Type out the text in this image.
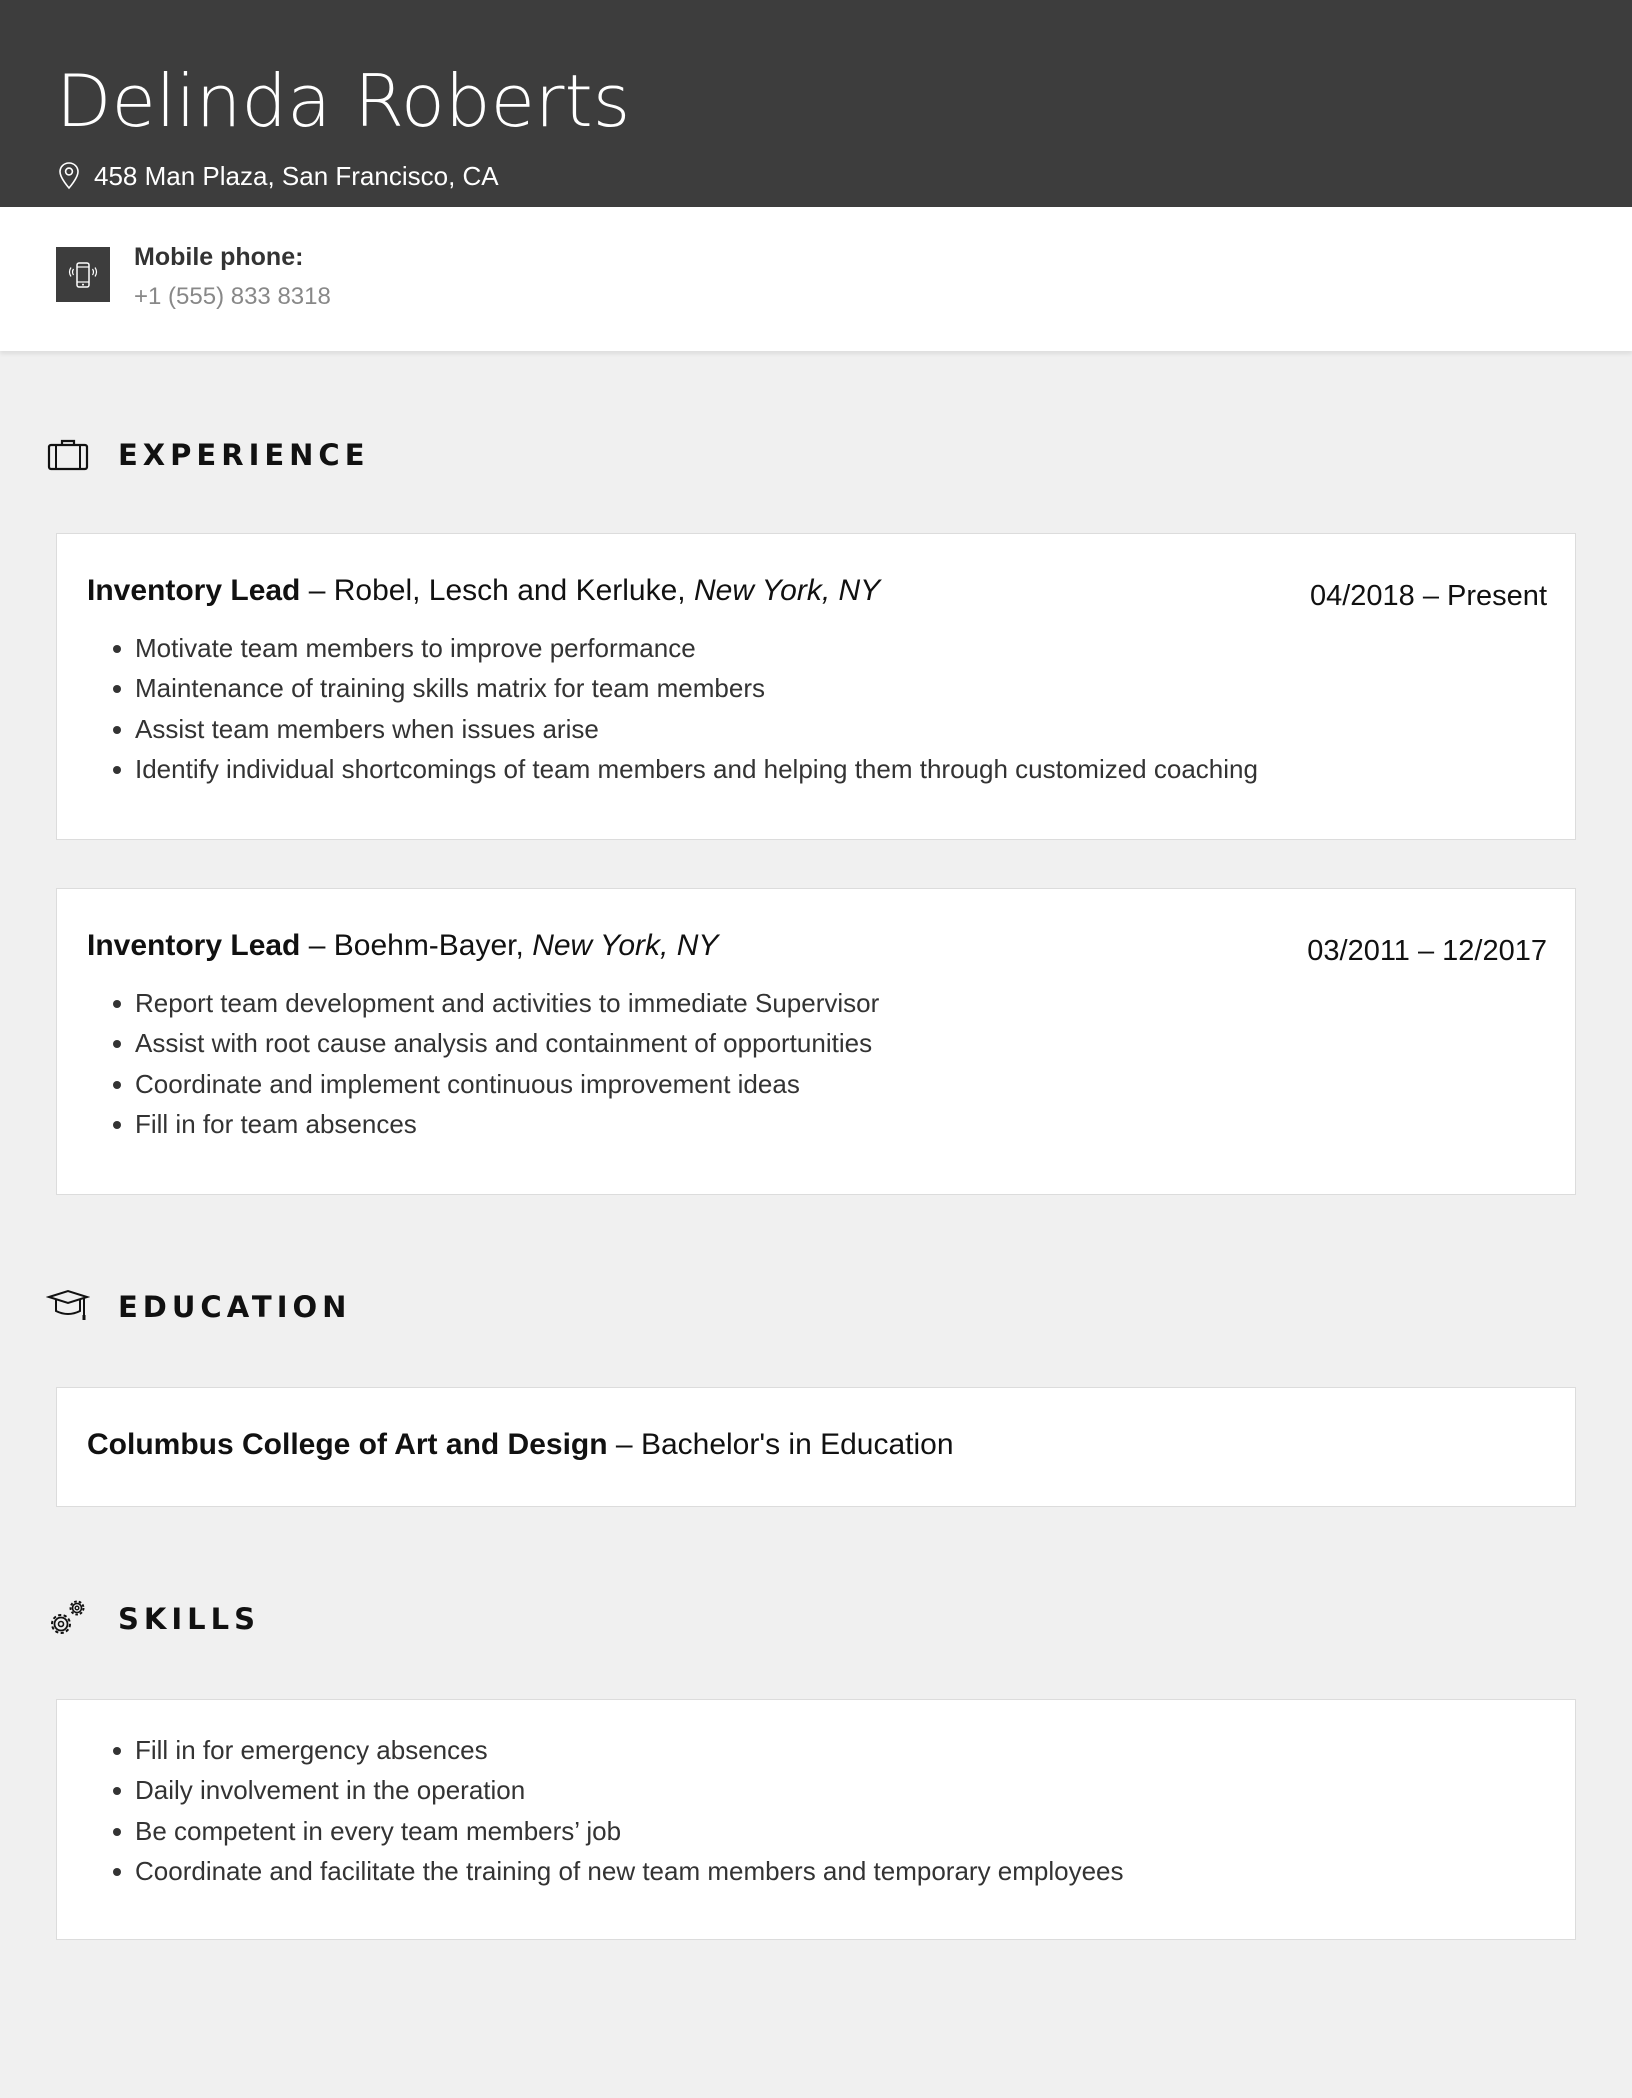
Delinda Roberts
458 Man Plaza, San Francisco, CA
Mobile phone:
+1 (555) 833 8318
EXPERIENCE
Inventory Lead – Robel, Lesch and Kerluke, New York, NY	04/2018 – Present
Motivate team members to improve performance
Maintenance of training skills matrix for team members
Assist team members when issues arise
Identify individual shortcomings of team members and helping them through customized coaching
Inventory Lead – Boehm-Bayer, New York, NY	03/2011 – 12/2017
Report team development and activities to immediate Supervisor
Assist with root cause analysis and containment of opportunities
Coordinate and implement continuous improvement ideas
Fill in for team absences
EDUCATION
Columbus College of Art and Design – Bachelor's in Education
SKILLS
Fill in for emergency absences
Daily involvement in the operation
Be competent in every team members’ job
Coordinate and facilitate the training of new team members and temporary employees
